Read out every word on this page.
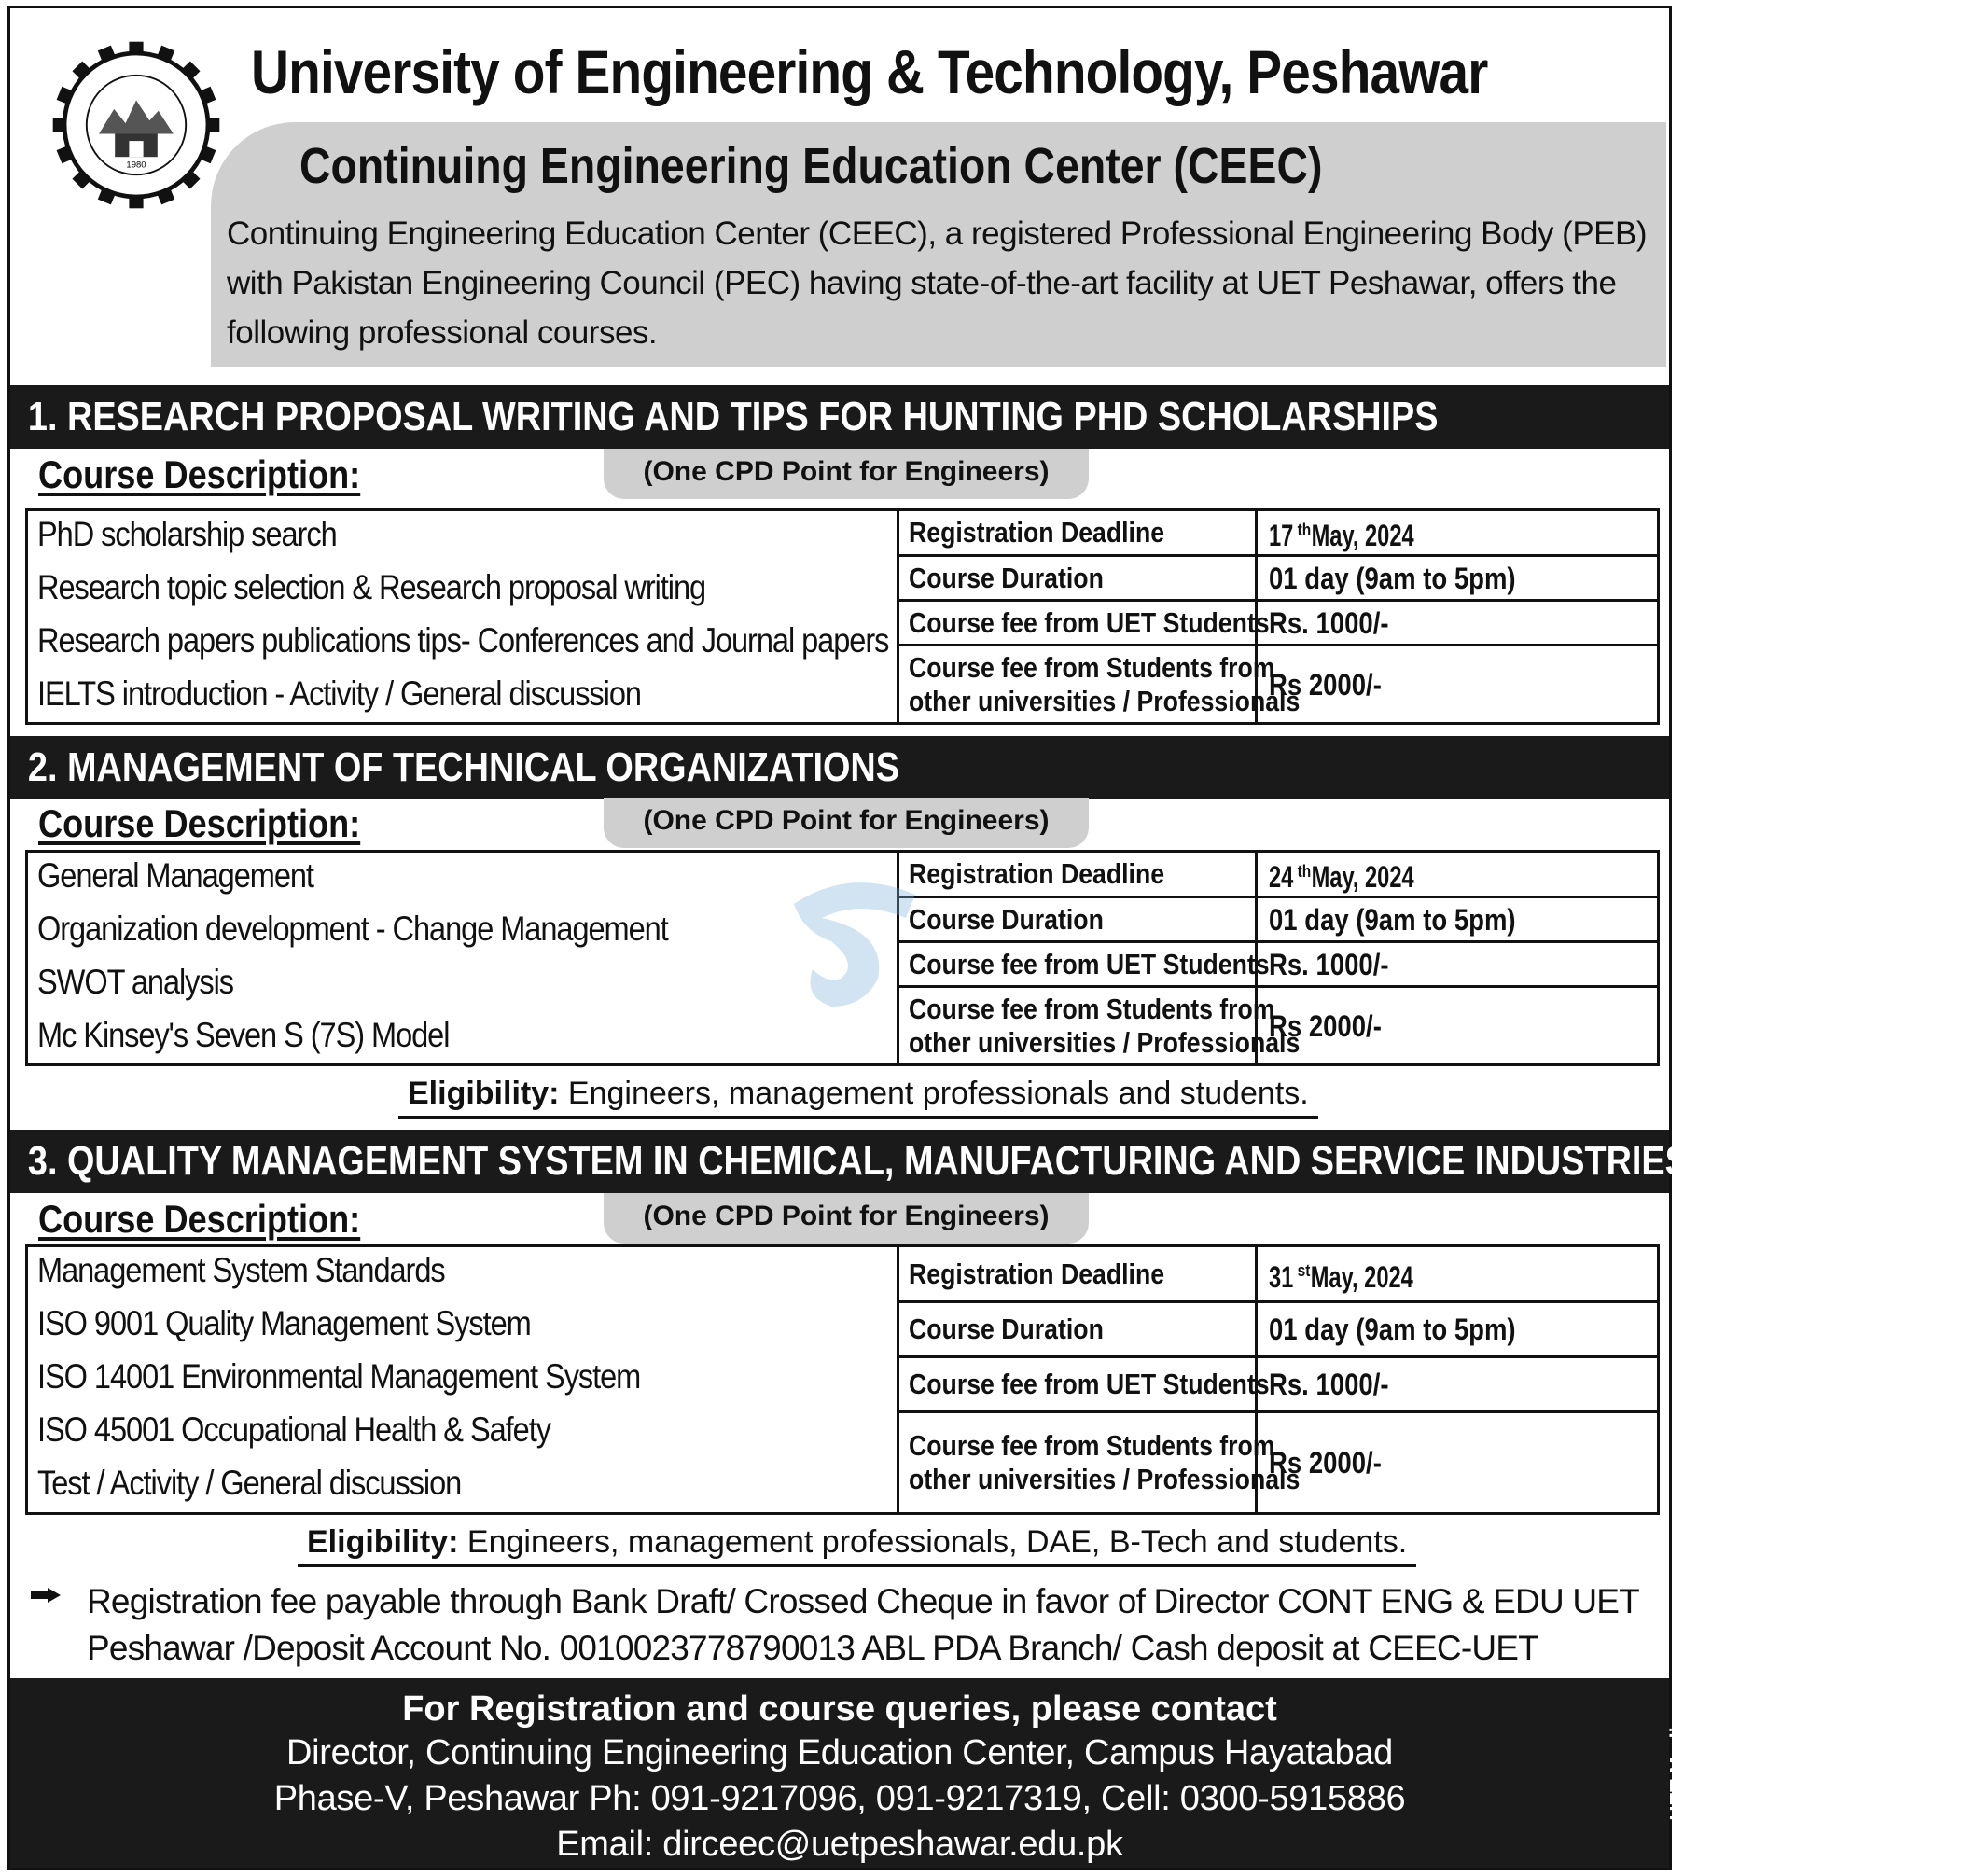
1980
University of Engineering & Technology, Peshawar
Continuing Engineering Education Center (CEEC)
Continuing Engineering Education Center (CEEC), a registered Professional Engineering Body (PEB) with Pakistan Engineering Council (PEC) having state-of-the-art facility at UET Peshawar, offers the following professional courses.
1. RESEARCH PROPOSAL WRITING AND TIPS FOR HUNTING PHD SCHOLARSHIPS
Course Description:	(One CPD Point for Engineers)
PhD scholarship search
Research topic selection & Research proposal writing
Research papers publications tips- Conferences and Journal papers
IELTS introduction - Activity / General discussion
Registration Deadline	17 $^{th}$May, 2024
Course Duration	01 day (9am to 5pm)
Course fee from UET Students Rs. 1000/-
Course fee from Students from
other universities / Professionals
Rs 2000/-
2. MANAGEMENT OF TECHNICAL ORGANIZATIONS
Course Description:	(One CPD Point for Engineers)
General Management
Organization development - Change Management
SWOT analysis
Mc Kinsey's Seven S (7S) Model
Registration Deadline	24 $^{th}$May, 2024
Course Duration	01 day (9am to 5pm)
Course fee from UET Students Rs. 1000/-
Course fee from Students from
other universities / Professionals
Rs 2000/-
Eligibility: Engineers, management professionals and students.
3. QUALITY MANAGEMENT SYSTEM IN CHEMICAL, MANUFACTURING AND SERVICE INDUSTRIES
Course Description:	(One CPD Point for Engineers)
Management System Standards
ISO 9001 Quality Management System
ISO 14001 Environmental Management System
ISO 45001 Occupational Health & Safety
Test / Activity / General discussion
Registration Deadline	31 $^{st}$May, 2024
Course Duration	01 day (9am to 5pm)
Course fee from UET Students Rs. 1000/-
Course fee from Students from
other universities / Professionals
Rs 2000/-
Eligibility: Engineers, management professionals, DAE, B-Tech and students.
Registration fee payable through Bank Draft/ Crossed Cheque in favor of Director CONT ENG & EDU UET Peshawar /Deposit Account No. 0010023778790013 ABL PDA Branch/ Cash deposit at CEEC-UET
For Registration and course queries, please contact
Director, Continuing Engineering Education Center, Campus Hayatabad
Phase-V, Peshawar Ph: 091-9217096, 091-9217319, Cell: 0300-5915886
Email: dirceec@uetpeshawar.edu.pk
UET Media
